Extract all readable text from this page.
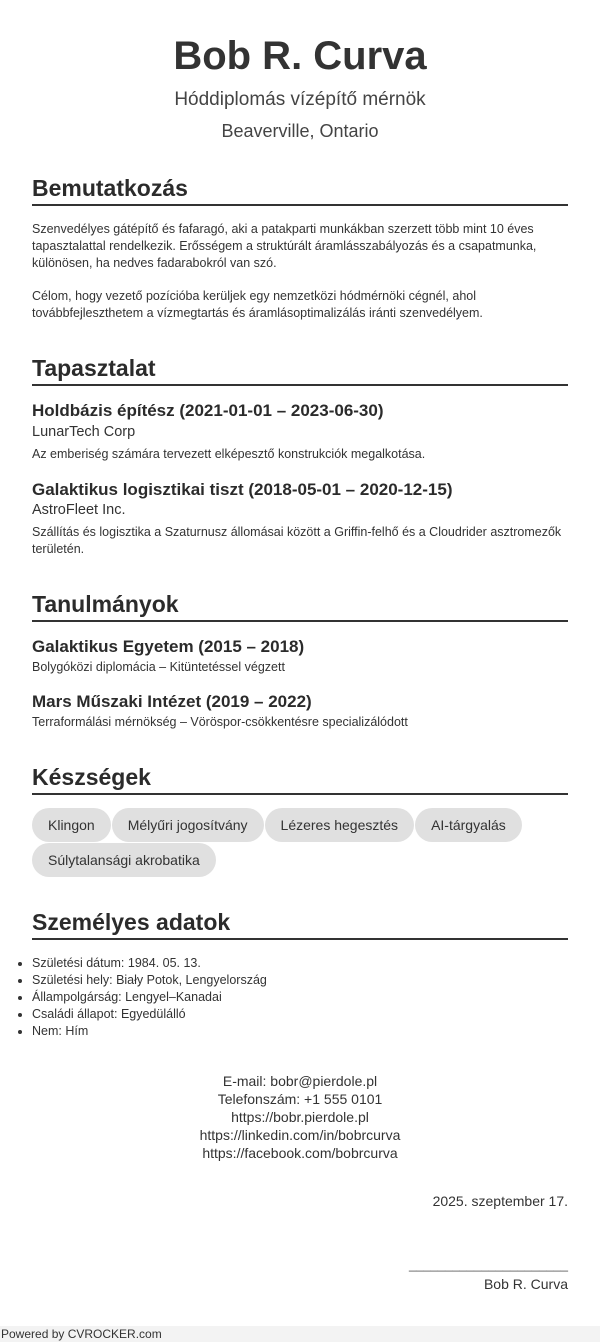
Bob R. Curva
Hóddiplomás vízépítő mérnök
Beaverville, Ontario
Bemutatkozás

Szenvedélyes gátépítő és fafaragó, aki a patakparti munkákban szerzett több mint 10 éves tapasztalattal rendelkezik. Erősségem a struktúrált áramlásszabályozás és a csapatmunka, különösen, ha nedves fadarabokról van szó.

Célom, hogy vezető pozícióba kerüljek egy nemzetközi hódmérnöki cégnél, ahol továbbfejleszthetem a vízmegtartás és áramlásoptimalizálás iránti szenvedélyem.

Tapasztalat
Holdbázis építész (2021-01-01 – 2023-06-30)
LunarTech Corp

Az emberiség számára tervezett elképesztő konstrukciók megalkotása.

Galaktikus logisztikai tiszt (2018-05-01 – 2020-12-15)
AstroFleet Inc.

Szállítás és logisztika a Szaturnusz állomásai között a Griffin-felhő és a Cloudrider asztromezők területén.

Tanulmányok
Galaktikus Egyetem (2015 – 2018)
Bolygóközi diplomácia – Kitüntetéssel végzett
Mars Műszaki Intézet (2019 – 2022)
Terraformálási mérnökség – Vöröspor-csökkentésre specializálódott
Készségek
Klingon	Mélyűri jogosítvány	Lézeres hegesztés	AI-tárgyalás
Súlytalansági akrobatika
Személyes adatok
• Születési dátum: 1984. 05. 13.
• Születési hely: Biały Potok, Lengyelország
• Állampolgárság: Lengyel–Kanadai
• Családi állapot: Egyedülálló
• Nem: Hím
E-mail: bobr@pierdole.pl
Telefonszám: +1 555 0101
https://bobr.pierdole.pl
https://linkedin.com/in/bobrcurva
https://facebook.com/bobrcurva
2025. szeptember 17.
______________________
Bob R. Curva
Powered by CVROCKER.com
